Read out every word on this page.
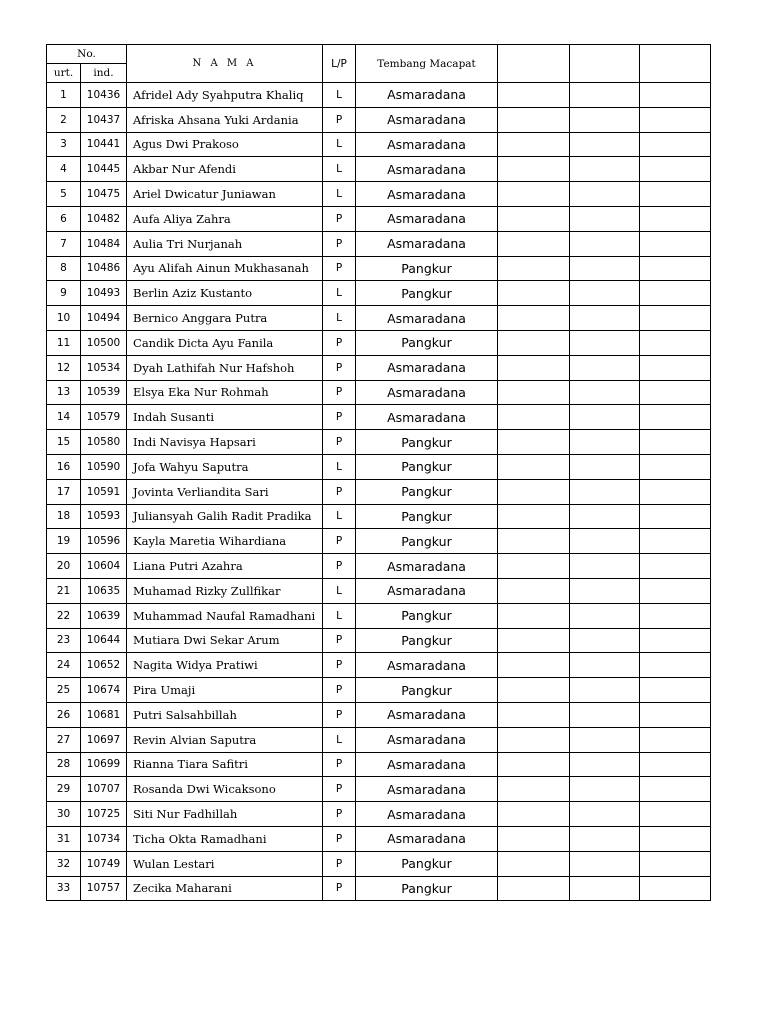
No.		N A M A	L/P	Tembang Macapat			
urt.	ind.						
1	10436	Afridel Ady Syahputra Khaliq	L	Asmaradana			
2	10437	Afriska Ahsana Yuki Ardania	P	Asmaradana			
3	10441	Agus Dwi Prakoso	L	Asmaradana			
4	10445	Akbar Nur Afendi	L	Asmaradana			
5	10475	Ariel Dwicatur Juniawan	L	Asmaradana			
6	10482	Aufa Aliya Zahra	P	Asmaradana			
7	10484	Aulia Tri Nurjanah	P	Asmaradana			
8	10486	Ayu Alifah Ainun Mukhasanah	P	Pangkur			
9	10493	Berlin Aziz Kustanto	L	Pangkur			
10	10494	Bernico Anggara Putra	L	Asmaradana			
11	10500	Candik Dicta Ayu Fanila	P	Pangkur			
12	10534	Dyah Lathifah Nur Hafshoh	P	Asmaradana			
13	10539	Elsya Eka Nur Rohmah	P	Asmaradana			
14	10579	Indah Susanti	P	Asmaradana			
15	10580	Indi Navisya Hapsari	P	Pangkur			
16	10590	Jofa Wahyu Saputra	L	Pangkur			
17	10591	Jovinta Verliandita Sari	P	Pangkur			
18	10593	Juliansyah Galih Radit Pradika	L	Pangkur			
19	10596	Kayla Maretia Wihardiana	P	Pangkur			
20	10604	Liana Putri Azahra	P	Asmaradana			
21	10635	Muhamad Rizky Zullfikar	L	Asmaradana			
22	10639	Muhammad Naufal Ramadhani	L	Pangkur			
23	10644	Mutiara Dwi Sekar Arum	P	Pangkur			
24	10652	Nagita Widya Pratiwi	P	Asmaradana			
25	10674	Pira Umaji	P	Pangkur			
26	10681	Putri Salsahbillah	P	Asmaradana			
27	10697	Revin Alvian Saputra	L	Asmaradana			
28	10699	Rianna Tiara Safitri	P	Asmaradana			
29	10707	Rosanda Dwi Wicaksono	P	Asmaradana			
30	10725	Siti Nur Fadhillah	P	Asmaradana			
31	10734	Ticha Okta Ramadhani	P	Asmaradana			
32	10749	Wulan Lestari	P	Pangkur			
33	10757	Zecika Maharani	P	Pangkur			
